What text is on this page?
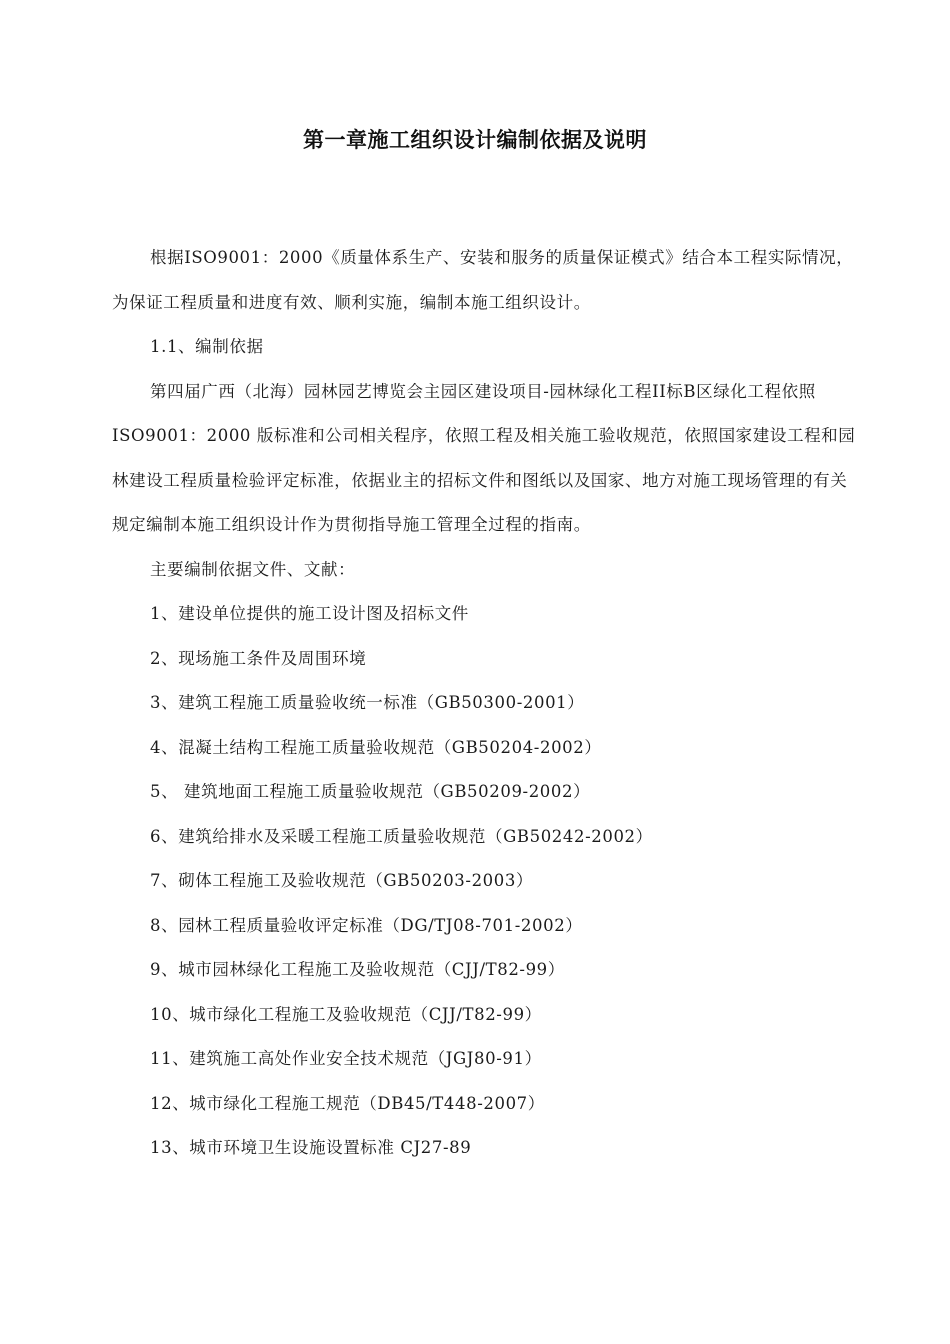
第一章施工组织设计编制依据及说明

根据ISO9001：2000《质量体系生产、安装和服务的质量保证模式》结合本工程实际情况，为保证工程质量和进度有效、顺利实施，编制本施工组织设计。

1.1、编制依据

第四届广西（北海）园林园艺博览会主园区建设项目-园林绿化工程II标B区绿化工程依照ISO9001：2000 版标准和公司相关程序，依照工程及相关施工验收规范，依照国家建设工程和园林建设工程质量检验评定标准，依据业主的招标文件和图纸以及国家、地方对施工现场管理的有关规定编制本施工组织设计作为贯彻指导施工管理全过程的指南。

主要编制依据文件、文献：

1、建设单位提供的施工设计图及招标文件

2、现场施工条件及周围环境

3、建筑工程施工质量验收统一标准（GB50300-2001）

4、混凝土结构工程施工质量验收规范（GB50204-2002）

5、 建筑地面工程施工质量验收规范（GB50209-2002）

6、建筑给排水及采暖工程施工质量验收规范（GB50242-2002）

7、砌体工程施工及验收规范（GB50203-2003）

8、园林工程质量验收评定标准（DG/TJ08-701-2002）

9、城市园林绿化工程施工及验收规范（CJJ/T82-99）

10、城市绿化工程施工及验收规范（CJJ/T82-99）

11、建筑施工高处作业安全技术规范（JGJ80-91）

12、城市绿化工程施工规范（DB45/T448-2007）

13、城市环境卫生设施设置标准 CJ27-89
